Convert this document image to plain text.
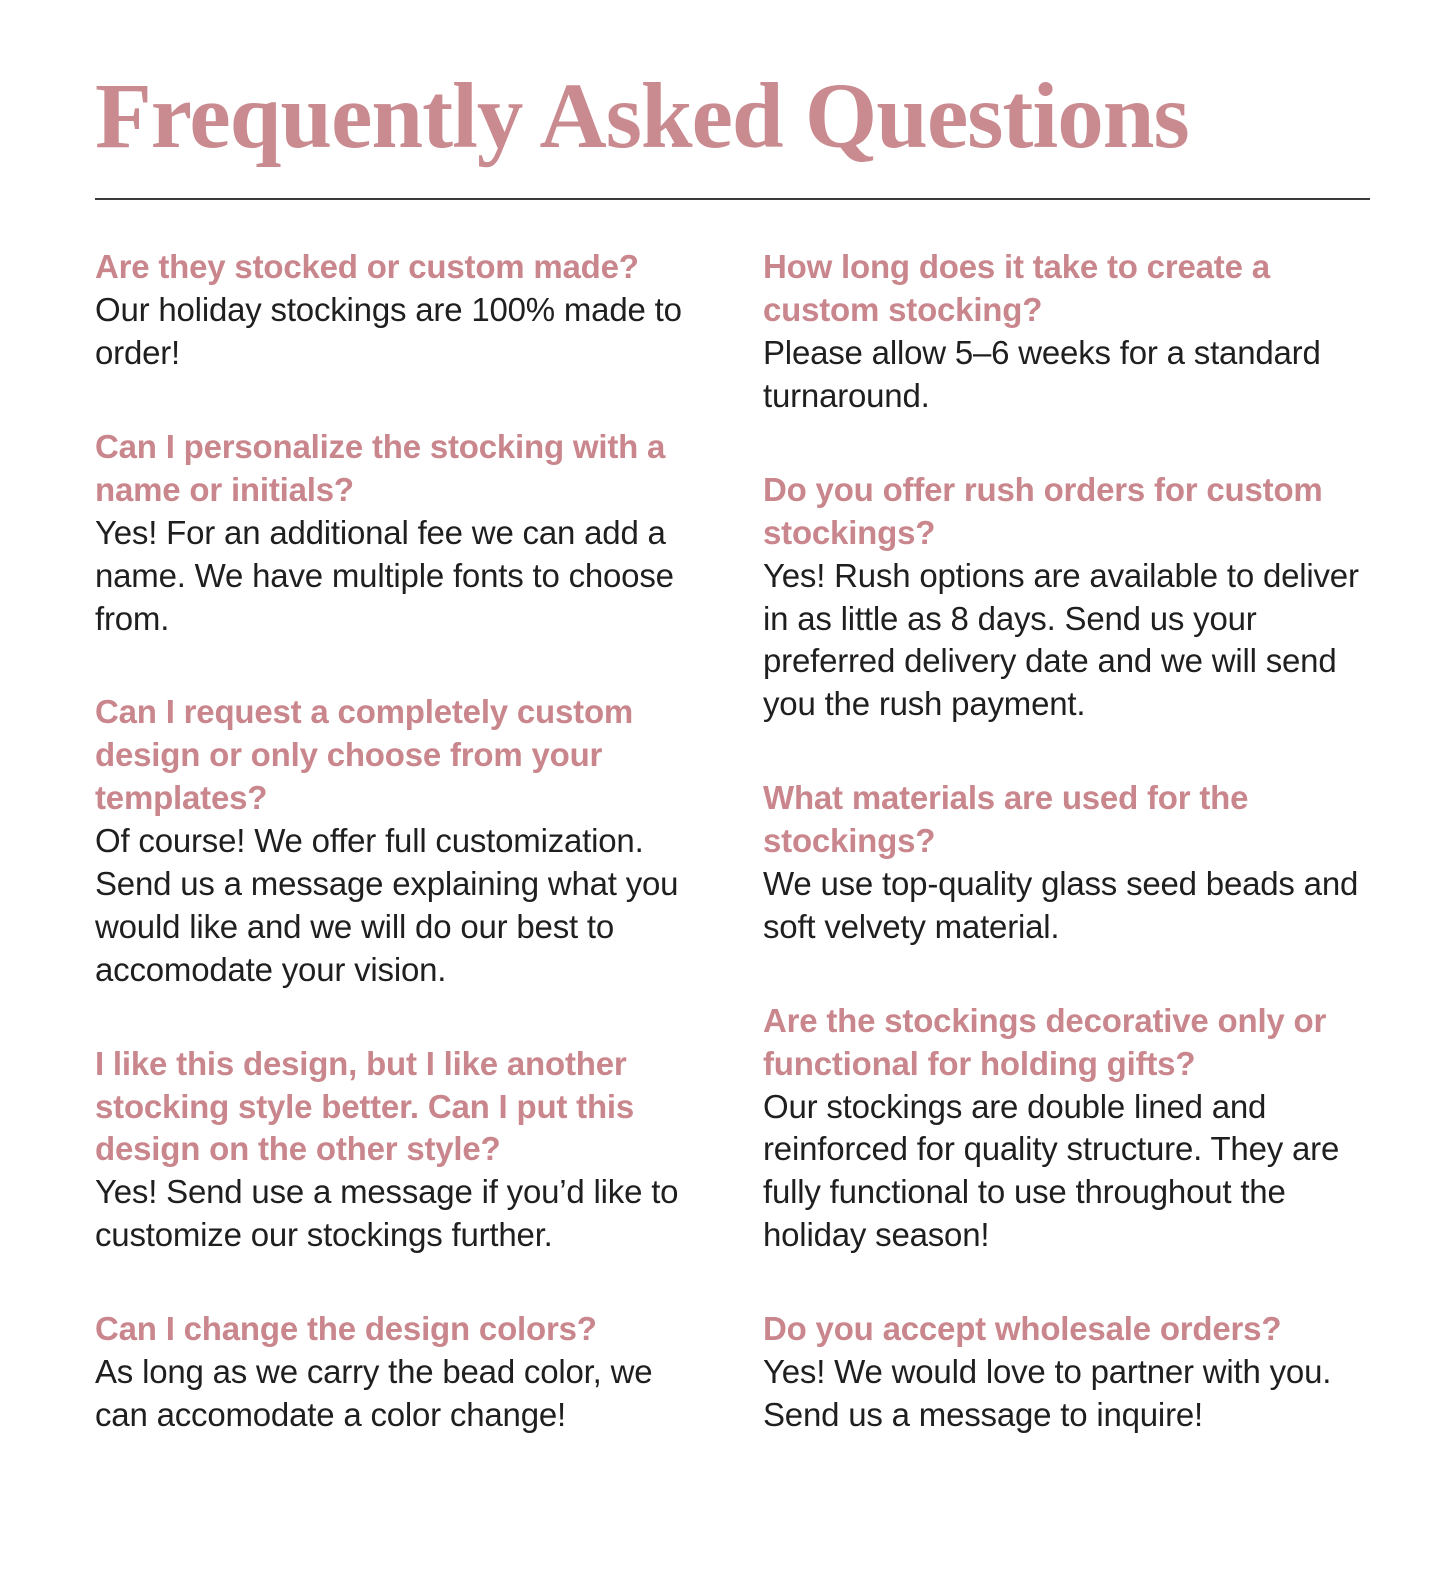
Frequently Asked Questions
Are they stocked or custom made?

Our holiday stockings are 100% made to order!

Can I personalize the stocking with a name or initials?

Yes! For an additional fee we can add a name. We have multiple fonts to choose from.

Can I request a completely custom design or only choose from your templates?

Of course! We offer full customization. Send us a message explaining what you would like and we will do our best to accomodate your vision.

I like this design, but I like another stocking style better. Can I put this design on the other style?

Yes! Send use a message if you’d like to customize our stockings further.

Can I change the design colors?

As long as we carry the bead color, we can accomodate a color change!

How long does it take to create a custom stocking?

Please allow 5–6 weeks for a standard turnaround.

Do you offer rush orders for custom stockings?

Yes! Rush options are available to deliver in as little as 8 days. Send us your preferred delivery date and we will send you the rush payment.

What materials are used for the stockings?

We use top-quality glass seed beads and soft velvety material.

Are the stockings decorative only or functional for holding gifts?

Our stockings are double lined and reinforced for quality structure. They are fully functional to use throughout the holiday season!

Do you accept wholesale orders?

Yes! We would love to partner with you. Send us a message to inquire!
